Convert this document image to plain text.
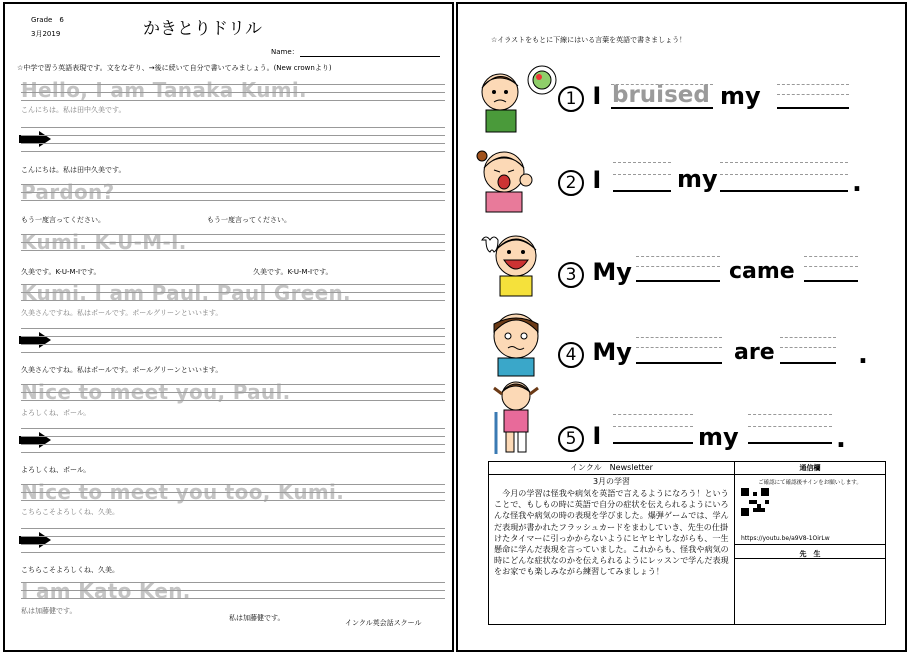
Grade　6
3月2019	かきとりドリル
Name：
☆中学で習う英語表現です。文をなぞり、→後に続いて自分で書いてみましょう。(New crownより)
Hello, I am Tanaka Kumi.
こんにちは。私は田中久美です。
こんにちは。私は田中久美です。
Pardon?
もう一度言ってください。	もう一度言ってください。
Kumi. K-U-M-I.
久美です。K-U-M-Iです。	久美です。K-U-M-Iです。
Kumi. I am Paul. Paul Green.
久美さんですね。私はポールです。ポールグリーンといいます。
久美さんですね。私はポールです。ポールグリーンといいます。
Nice to meet you, Paul.
よろしくね、ポール。
よろしくね、ポール。
Nice to meet you too, Kumi.
こちらこそよろしくね、久美。
こちらこそよろしくね、久美。
I am Kato Ken.
私は加藤健です。
私は加藤健です。
インクル英会話スクール
☆イラストをもとに下線にはいる言葉を英語で書きましょう！
1 I bruised my
2 I	my	.
3 My	came
4 My	are	.
5 I	my	.
インクル　Newsletter
3月の学習
今月の学習は怪我や病気を英語で言えるようになろう！ということで、もしもの時に英語で自分の症状を伝えられるようにいろんな怪我や病気の時の表現を学びました。爆弾ゲームでは、学んだ表現が書かれたフラッシュカードをまわしていき、先生の仕掛けたタイマーに引っかからないようにヒヤヒヤしながらも、一生懸命に学んだ表現を言っていました。これからも、怪我や病気の時にどんな症状なのかを伝えられるようにレッスンで学んだ表現をお家でも楽しみながら練習してみましょう！
通信欄
ご確認にて確認後サインをお願いします。
https://youtu.be/a9V8-1OirLw
先　生
